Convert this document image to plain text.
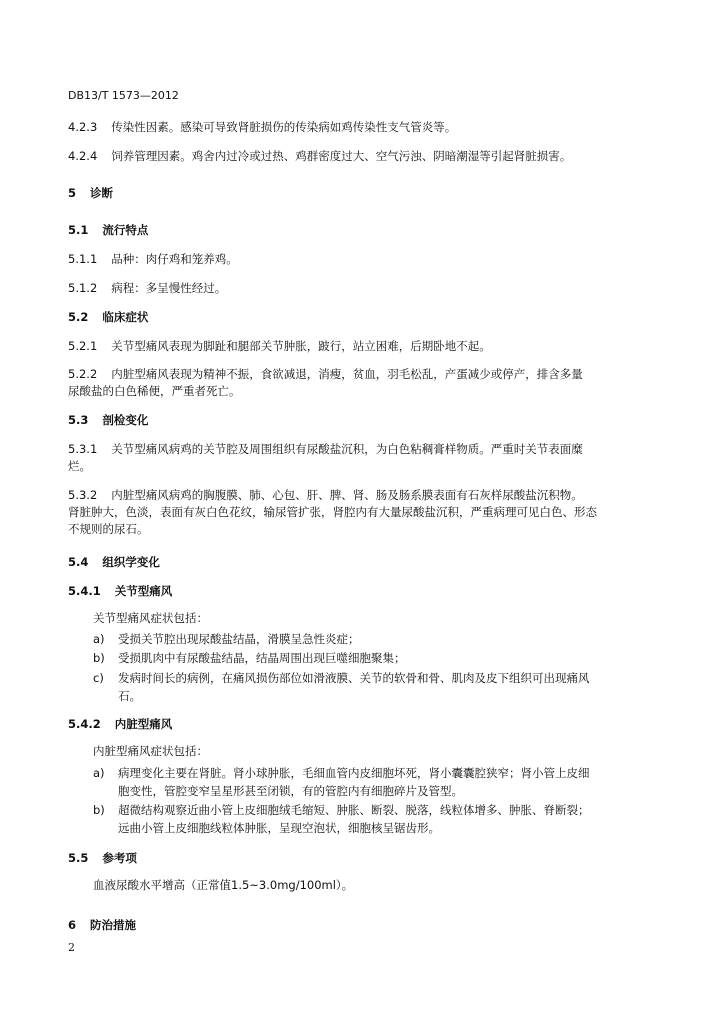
DB13/T 1573—2012
4.2.3 传染性因素。感染可导致肾脏损伤的传染病如鸡传染性支气管炎等。
4.2.4 饲养管理因素。鸡舍内过冷或过热、鸡群密度过大、空气污浊、阴暗潮湿等引起肾脏损害。
5 诊断
5.1 流行特点
5.1.1 品种：肉仔鸡和笼养鸡。
5.1.2 病程：多呈慢性经过。
5.2 临床症状
5.2.1 关节型痛风表现为脚趾和腿部关节肿胀，跛行，站立困难，后期卧地不起。
5.2.2 内脏型痛风表现为精神不振，食欲减退，消瘦，贫血，羽毛松乱，产蛋减少或停产，排含多量
尿酸盐的白色稀便，严重者死亡。
5.3 剖检变化
5.3.1 关节型痛风病鸡的关节腔及周围组织有尿酸盐沉积，为白色粘稠膏样物质。严重时关节表面糜
烂。
5.3.2 内脏型痛风病鸡的胸腹膜、肺、心包、肝、脾、肾、肠及肠系膜表面有石灰样尿酸盐沉积物。
肾脏肿大，色淡，表面有灰白色花纹，输尿管扩张，肾腔内有大量尿酸盐沉积，严重病理可见白色、形态
不规则的尿石。
5.4 组织学变化
5.4.1 关节型痛风
关节型痛风症状包括：
a) 受损关节腔出现尿酸盐结晶，滑膜呈急性炎症；
b) 受损肌肉中有尿酸盐结晶，结晶周围出现巨噬细胞聚集；
c) 发病时间长的病例，在痛风损伤部位如滑液膜、关节的软骨和骨、肌肉及皮下组织可出现痛风
石。
5.4.2 内脏型痛风
内脏型痛风症状包括：
a) 病理变化主要在肾脏。肾小球肿胀，毛细血管内皮细胞坏死，肾小囊囊腔狭窄；肾小管上皮细
胞变性，管腔变窄呈星形甚至闭锁，有的管腔内有细胞碎片及管型。
b) 超微结构观察近曲小管上皮细胞绒毛缩短、肿胀、断裂、脱落，线粒体增多、肿胀、脊断裂；
远曲小管上皮细胞线粒体肿胀，呈现空泡状，细胞核呈锯齿形。
5.5 参考项
血液尿酸水平增高（正常值1.5~3.0mg/100ml）。
6 防治措施
2
